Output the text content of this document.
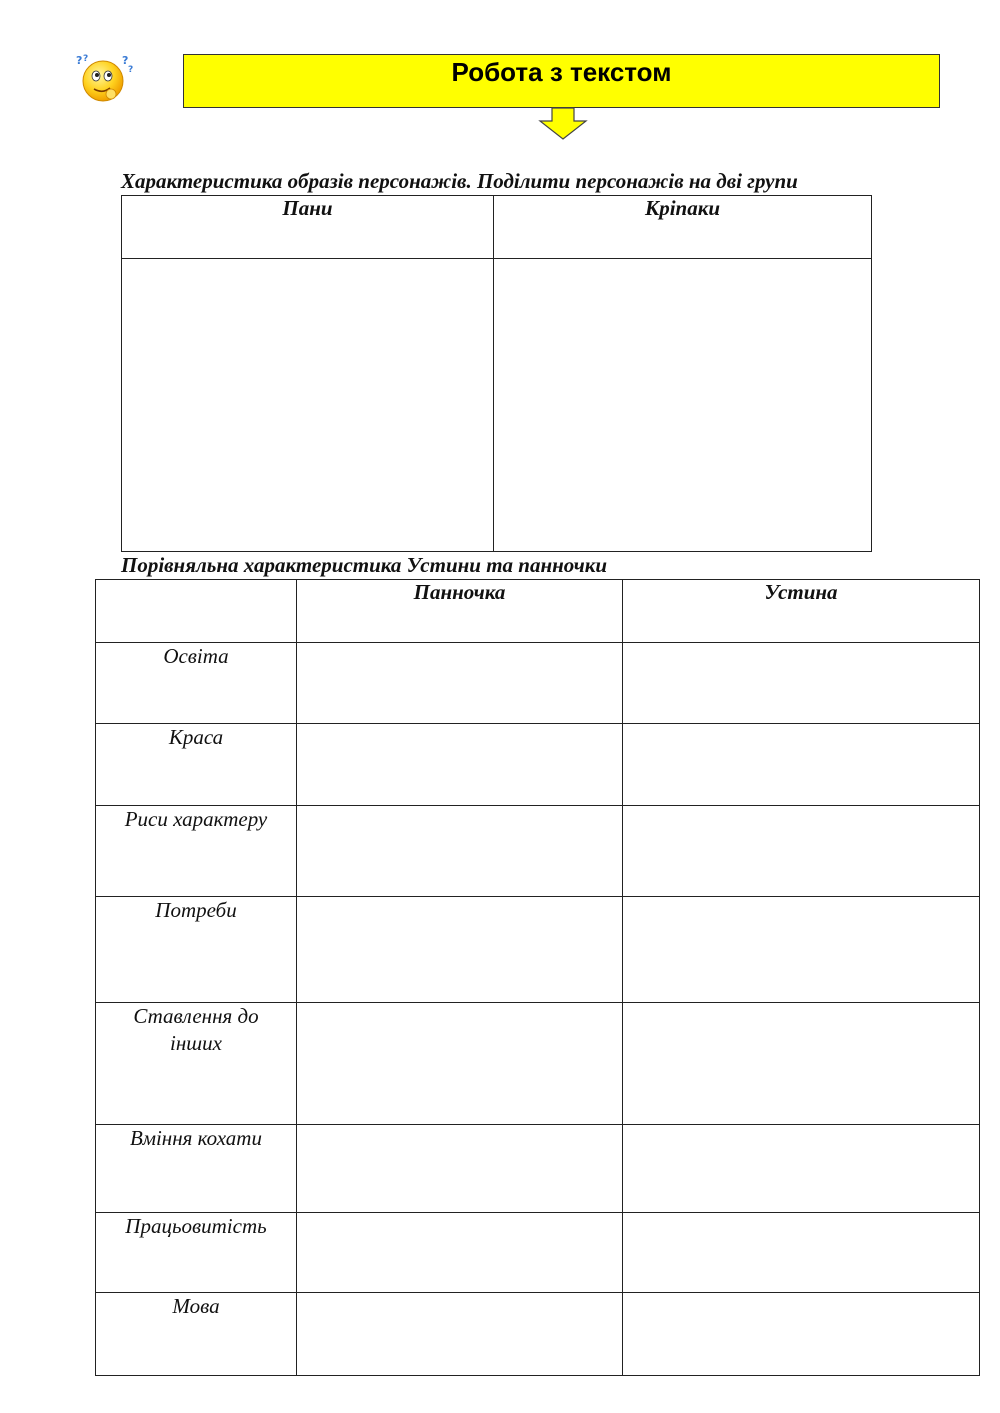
? ?	?
?	Робота з текстом
Характеристика образів персонажів. Поділити персонажів на дві групи
Пани	Кріпаки

Порівняльна характеристика Устини та панночки
	Панночка	Устина
Освіта		
Краса		
Риси характеру		
Потреби		
Ставлення до інших		
Вміння кохати		
Працьовитість		
Мова		
